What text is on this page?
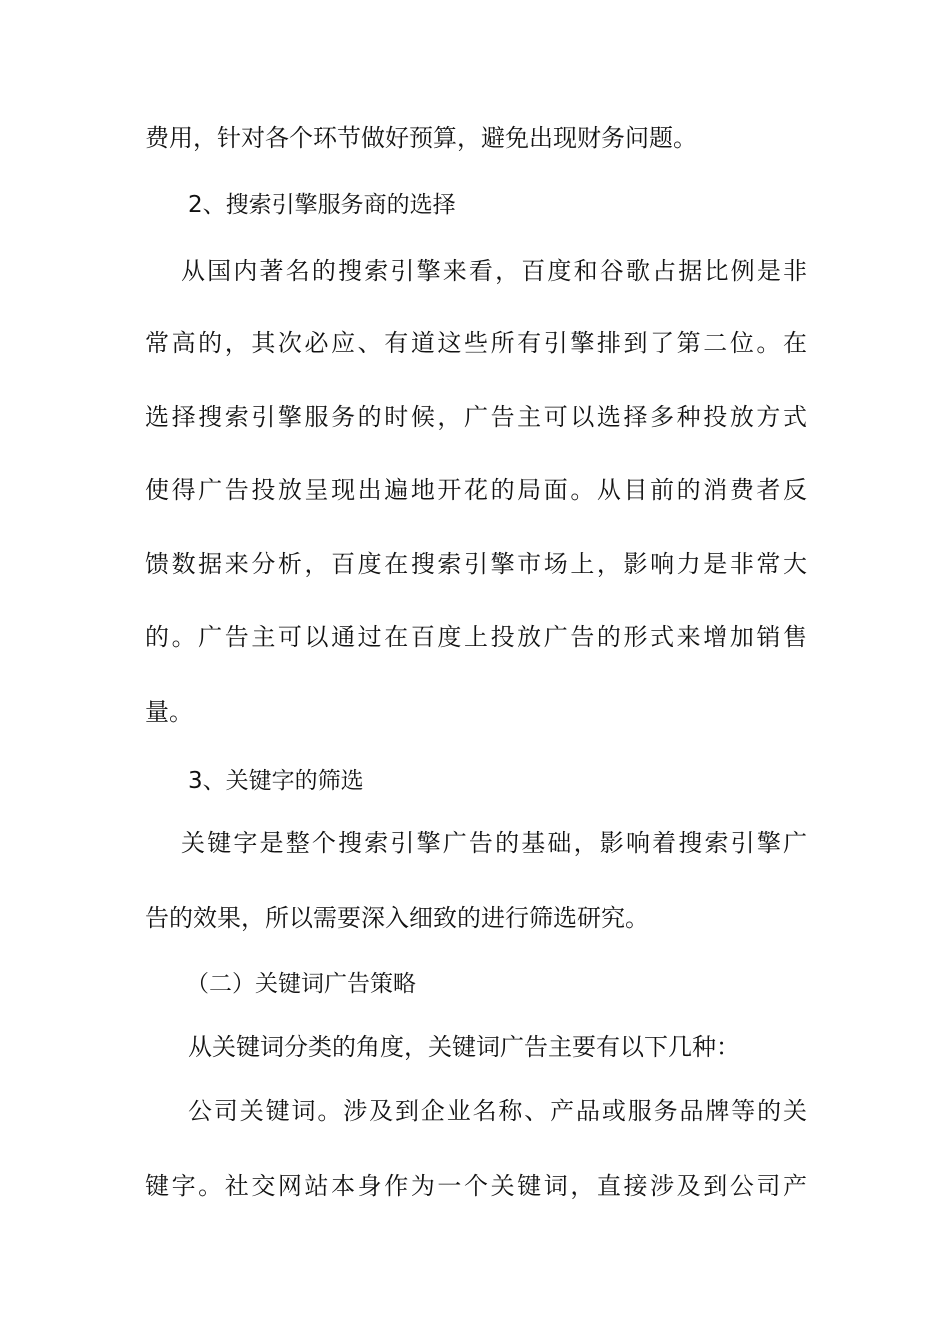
费用，针对各个环节做好预算，避免出现财务问题。
2、搜索引擎服务商的选择
从国内著名的搜索引擎来看，百度和谷歌占据比例是非
常高的，其次必应、有道这些所有引擎排到了第二位。在
选择搜索引擎服务的时候，广告主可以选择多种投放方式
使得广告投放呈现出遍地开花的局面。从目前的消费者反
馈数据来分析，百度在搜索引擎市场上，影响力是非常大
的。广告主可以通过在百度上投放广告的形式来增加销售
量。
3、关键字的筛选
关键字是整个搜索引擎广告的基础，影响着搜索引擎广
告的效果，所以需要深入细致的进行筛选研究。
（二）关键词广告策略
从关键词分类的角度，关键词广告主要有以下几种：
公司关键词。涉及到企业名称、产品或服务品牌等的关
键字。社交网站本身作为一个关键词，直接涉及到公司产
